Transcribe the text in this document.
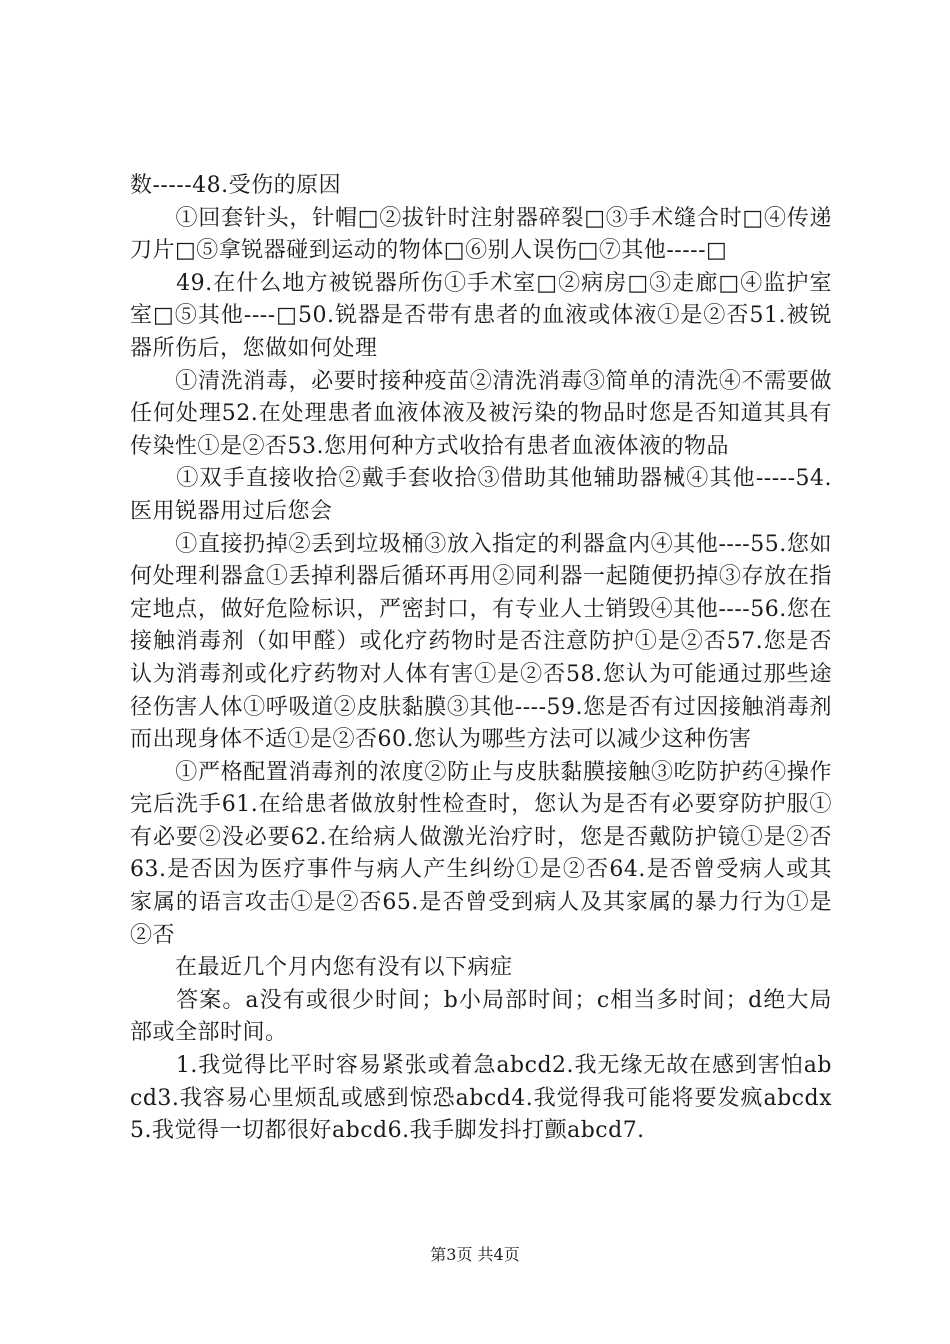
数-----48.受伤的原因

　　①回套针头，针帽□②拔针时注射器碎裂□③手术缝合时□④传递刀片□⑤拿锐器碰到运动的物体□⑥别人误伤□⑦其他-----□

　　49.在什么地方被锐器所伤①手术室□②病房□③走廊□④监护室室□⑤其他----□50.锐器是否带有患者的血液或体液①是②否51.被锐器所伤后，您做如何处理

　　①清洗消毒，必要时接种疫苗②清洗消毒③简单的清洗④不需要做任何处理52.在处理患者血液体液及被污染的物品时您是否知道其具有传染性①是②否53.您用何种方式收拾有患者血液体液的物品

　　①双手直接收拾②戴手套收拾③借助其他辅助器械④其他-----54.医用锐器用过后您会

　　①直接扔掉②丢到垃圾桶③放入指定的利器盒内④其他----55.您如何处理利器盒①丢掉利器后循环再用②同利器一起随便扔掉③存放在指定地点，做好危险标识，严密封口，有专业人士销毁④其他----56.您在接触消毒剂（如甲醛）或化疗药物时是否注意防护①是②否57.您是否认为消毒剂或化疗药物对人体有害①是②否58.您认为可能通过那些途径伤害人体①呼吸道②皮肤黏膜③其他----59.您是否有过因接触消毒剂而出现身体不适①是②否60.您认为哪些方法可以减少这种伤害

　　①严格配置消毒剂的浓度②防止与皮肤黏膜接触③吃防护药④操作完后洗手61.在给患者做放射性检查时，您认为是否有必要穿防护服①有必要②没必要62.在给病人做激光治疗时，您是否戴防护镜①是②否63.是否因为医疗事件与病人产生纠纷①是②否64.是否曾受病人或其家属的语言攻击①是②否65.是否曾受到病人及其家属的暴力行为①是②否

　　在最近几个月内您有没有以下病症

　　答案。a没有或很少时间；b小局部时间；c相当多时间；d绝大局部或全部时间。

　　1.我觉得比平时容易紧张或着急abcd2.我无缘无故在感到害怕abcd3.我容易心里烦乱或感到惊恐abcd4.我觉得我可能将要发疯abcdx5.我觉得一切都很好abcd6.我手脚发抖打颤abcd7.

第3页 共4页
